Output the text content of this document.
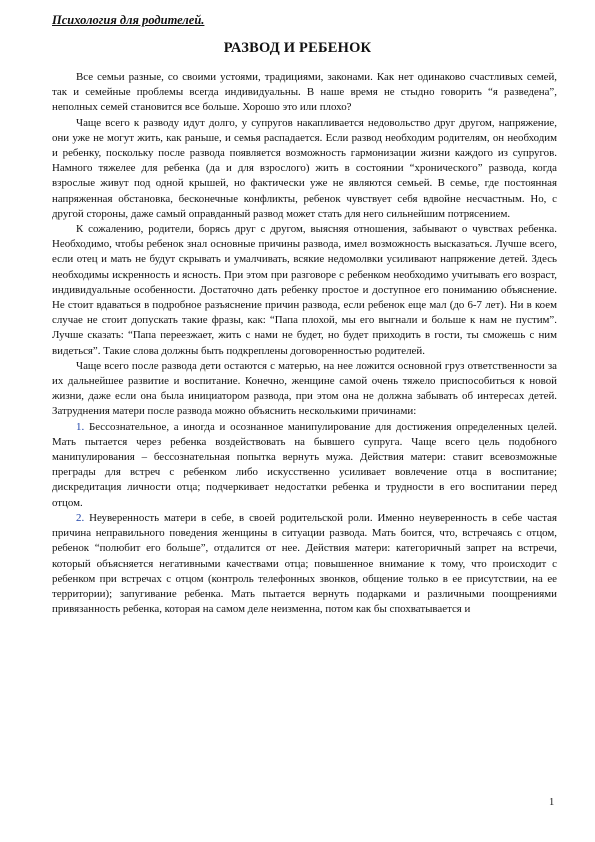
Психология для родителей.
РАЗВОД И РЕБЕНОК

Все семьи разные, со своими устоями, традициями, законами. Как нет одинаково счастливых семей, так и семейные проблемы всегда индивидуальны. В наше время не стыдно говорить “я разведена”, неполных семей становится все больше. Хорошо это или плохо?

Чаще всего к разводу идут долго, у супругов накапливается недовольство друг другом, напряжение, они уже не могут жить, как раньше, и семья распадается. Если развод необходим родителям, он необходим и ребенку, поскольку после развода появляется возможность гармонизации жизни каждого из супругов. Намного тяжелее для ребенка (да и для взрослого) жить в состоянии “хронического” развода, когда взрослые живут под одной крышей, но фактически уже не являются семьей. В семье, где постоянная напряженная обстановка, бесконечные конфликты, ребенок чувствует себя вдвойне несчастным. Но, с другой стороны, даже самый оправданный развод может стать для него сильнейшим потрясением.

К сожалению, родители, борясь друг с другом, выясняя отношения, забывают о чувствах ребенка. Необходимо, чтобы ребенок знал основные причины развода, имел возможность высказаться. Лучше всего, если отец и мать не будут скрывать и умалчивать, всякие недомолвки усиливают напряжение детей. Здесь необходимы искренность и ясность. При этом при разговоре с ребенком необходимо учитывать его возраст, индивидуальные особенности. Достаточно дать ребенку простое и доступное его пониманию объяснение. Не стоит вдаваться в подробное разъяснение причин развода, если ребенок еще мал (до 6-7 лет). Ни в коем случае не стоит допускать такие фразы, как: “Папа плохой, мы его выгнали и больше к нам не пустим”. Лучше сказать: “Папа переезжает, жить с нами не будет, но будет приходить в гости, ты сможешь с ним видеться”. Такие слова должны быть подкреплены договоренностью родителей.

Чаще всего после развода дети остаются с матерью, на нее ложится основной груз ответственности за их дальнейшее развитие и воспитание. Конечно, женщине самой очень тяжело приспособиться к новой жизни, даже если она была инициатором развода, при этом она не должна забывать об интересах детей. Затруднения матери после развода можно объяснить несколькими причинами:

1. Бессознательное, а иногда и осознанное манипулирование для достижения определенных целей. Мать пытается через ребенка воздействовать на бывшего супруга. Чаще всего цель подобного манипулирования – бессознательная попытка вернуть мужа. Действия матери: ставит всевозможные преграды для встреч с ребенком либо искусственно усиливает вовлечение отца в воспитание; дискредитация личности отца; подчеркивает недостатки ребенка и трудности в его воспитании перед отцом.

2. Неуверенность матери в себе, в своей родительской роли. Именно неуверенность в себе частая причина неправильного поведения женщины в ситуации развода. Мать боится, что, встречаясь с отцом, ребенок “полюбит его больше”, отдалится от нее. Действия матери: категоричный запрет на встречи, который объясняется негативными качествами отца; повышенное внимание к тому, что происходит с ребенком при встречах с отцом (контроль телефонных звонков, общение только в ее присутствии, на ее территории); запугивание ребенка. Мать пытается вернуть подарками и различными поощрениями привязанность ребенка, которая на самом деле неизменна, потом как бы спохватывается и

1
